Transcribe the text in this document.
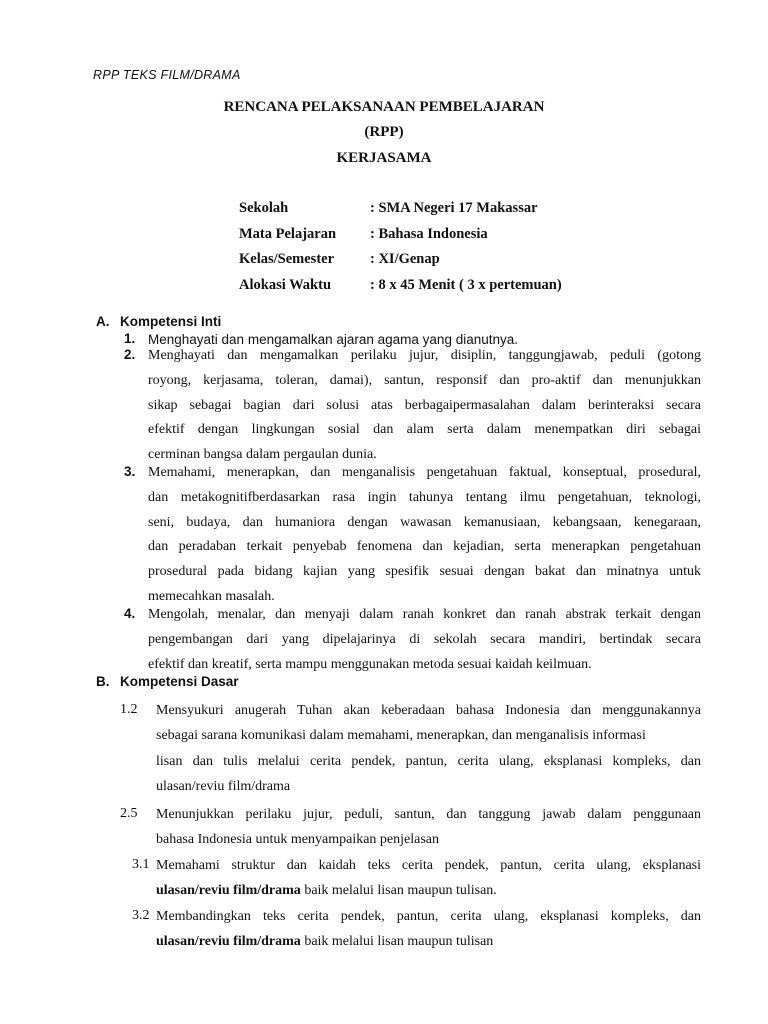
RPP TEKS FILM/DRAMA
RENCANA PELAKSANAAN PEMBELAJARAN
(RPP)
KERJASAMA
Sekolah	: SMA Negeri 17 Makassar
Mata Pelajaran : Bahasa Indonesia
Kelas/Semester : XI/Genap
Alokasi Waktu	: 8 x 45 Menit ( 3 x pertemuan)
A. Kompetensi Inti
1. Menghayati dan mengamalkan ajaran agama yang dianutnya.
2. Menghayati dan mengamalkan perilaku jujur, disiplin, tanggungjawab, peduli (gotong
royong, kerjasama, toleran, damai), santun, responsif dan pro-aktif dan menunjukkan
sikap sebagai bagian dari solusi atas berbagaipermasalahan dalam berinteraksi secara
efektif dengan lingkungan sosial dan alam serta dalam menempatkan diri sebagai
cerminan bangsa dalam pergaulan dunia.
3. Memahami, menerapkan, dan menganalisis pengetahuan faktual, konseptual, prosedural,
dan metakognitifberdasarkan rasa ingin tahunya tentang ilmu pengetahuan, teknologi,
seni, budaya, dan humaniora dengan wawasan kemanusiaan, kebangsaan, kenegaraan,
dan peradaban terkait penyebab fenomena dan kejadian, serta menerapkan pengetahuan
prosedural pada bidang kajian yang spesifik sesuai dengan bakat dan minatnya untuk
memecahkan masalah.
4. Mengolah, menalar, dan menyaji dalam ranah konkret dan ranah abstrak terkait dengan
pengembangan dari yang dipelajarinya di sekolah secara mandiri, bertindak secara
efektif dan kreatif, serta mampu menggunakan metoda sesuai kaidah keilmuan.
B. Kompetensi Dasar
1.2 Mensyukuri anugerah Tuhan akan keberadaan bahasa Indonesia dan menggunakannya
sebagai sarana komunikasi dalam memahami, menerapkan, dan menganalisis informasi
lisan dan tulis melalui cerita pendek, pantun, cerita ulang, eksplanasi kompleks, dan
ulasan/reviu film/drama
2.5 Menunjukkan perilaku jujur, peduli, santun, dan tanggung jawab dalam penggunaan
bahasa Indonesia untuk menyampaikan penjelasan
3.1 Memahami struktur dan kaidah teks cerita pendek, pantun, cerita ulang, eksplanasi
ulasan/reviu film/drama baik melalui lisan maupun tulisan.
3.2 Membandingkan teks cerita pendek, pantun, cerita ulang, eksplanasi kompleks, dan
ulasan/reviu film/drama baik melalui lisan maupun tulisan
